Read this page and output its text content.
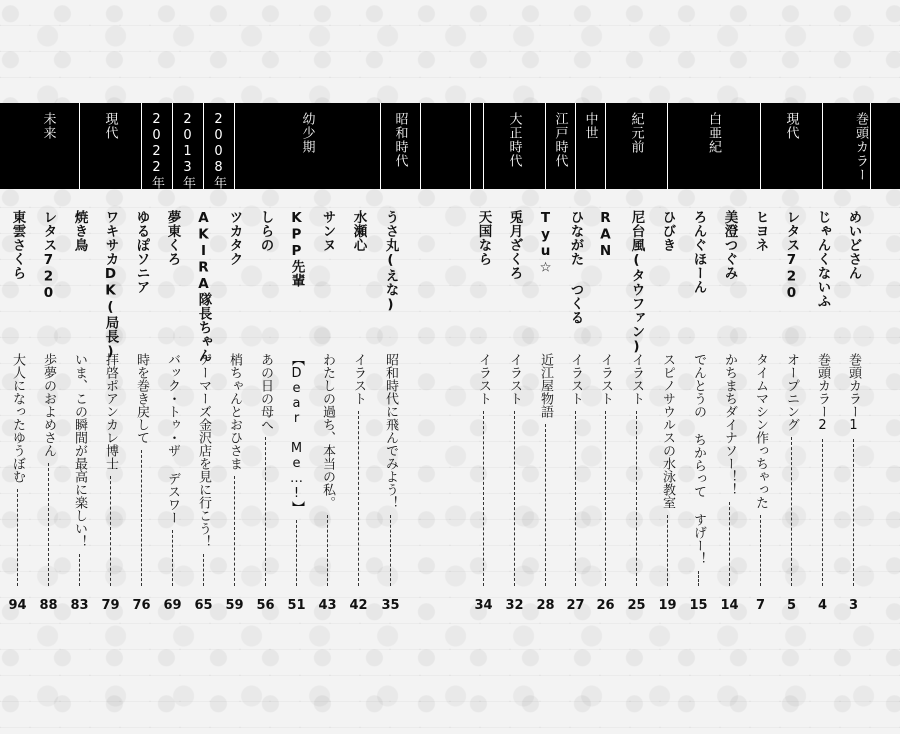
めいどさん
巻頭カラー1
3
巻頭カラー
じゃんくないふ
巻頭カラー2
4
レタス720
オープニング
5
現代
ヒヨネ
タイムマシン作っちゃった
7
美澄つぐみ
かちまちダイナソー！！
14
白亜紀
ろんぐほーん
でんとうの ちからって すげー！
15
ひびき
スピノサウルスの水泳教室
19
尼台風(タウファン)
イラスト
25
紀元前
RAN
イラスト
26
ひながた つくる
イラスト
27
中世
Tyu☆
近江屋物語
28
江戸時代
兎月ざくろ
イラスト
32
大正時代
天国なら
イラスト
34
うさ丸(えな)
昭和時代に飛んでみよう！
35
昭和時代
水瀬心
イラスト
42
サンヌ
わたしの過ち、本当の私。
43
幼少期
KPP先輩
【Dear Me…!】
51
しらの
あの日の母へ
56
ツカタク
梢ちゃんとおひさま
59
AKIRA隊長ちゃん
ゲーマーズ金沢店を見に行こう！
65
2008年
夢東くろ
バック・トゥ・ザ デスワー
69
2013年
ゆるぽソニア
時を巻き戻して
76
2022年
ワキサカDK(局長)
拝啓ポアンカレ博士
79
現代
焼き鳥
いま、この瞬間が最高に楽しい！
83
レタス720
歩夢のおよめさん
88
未来
東雲さくら
大人になったゆうぼむ
94
